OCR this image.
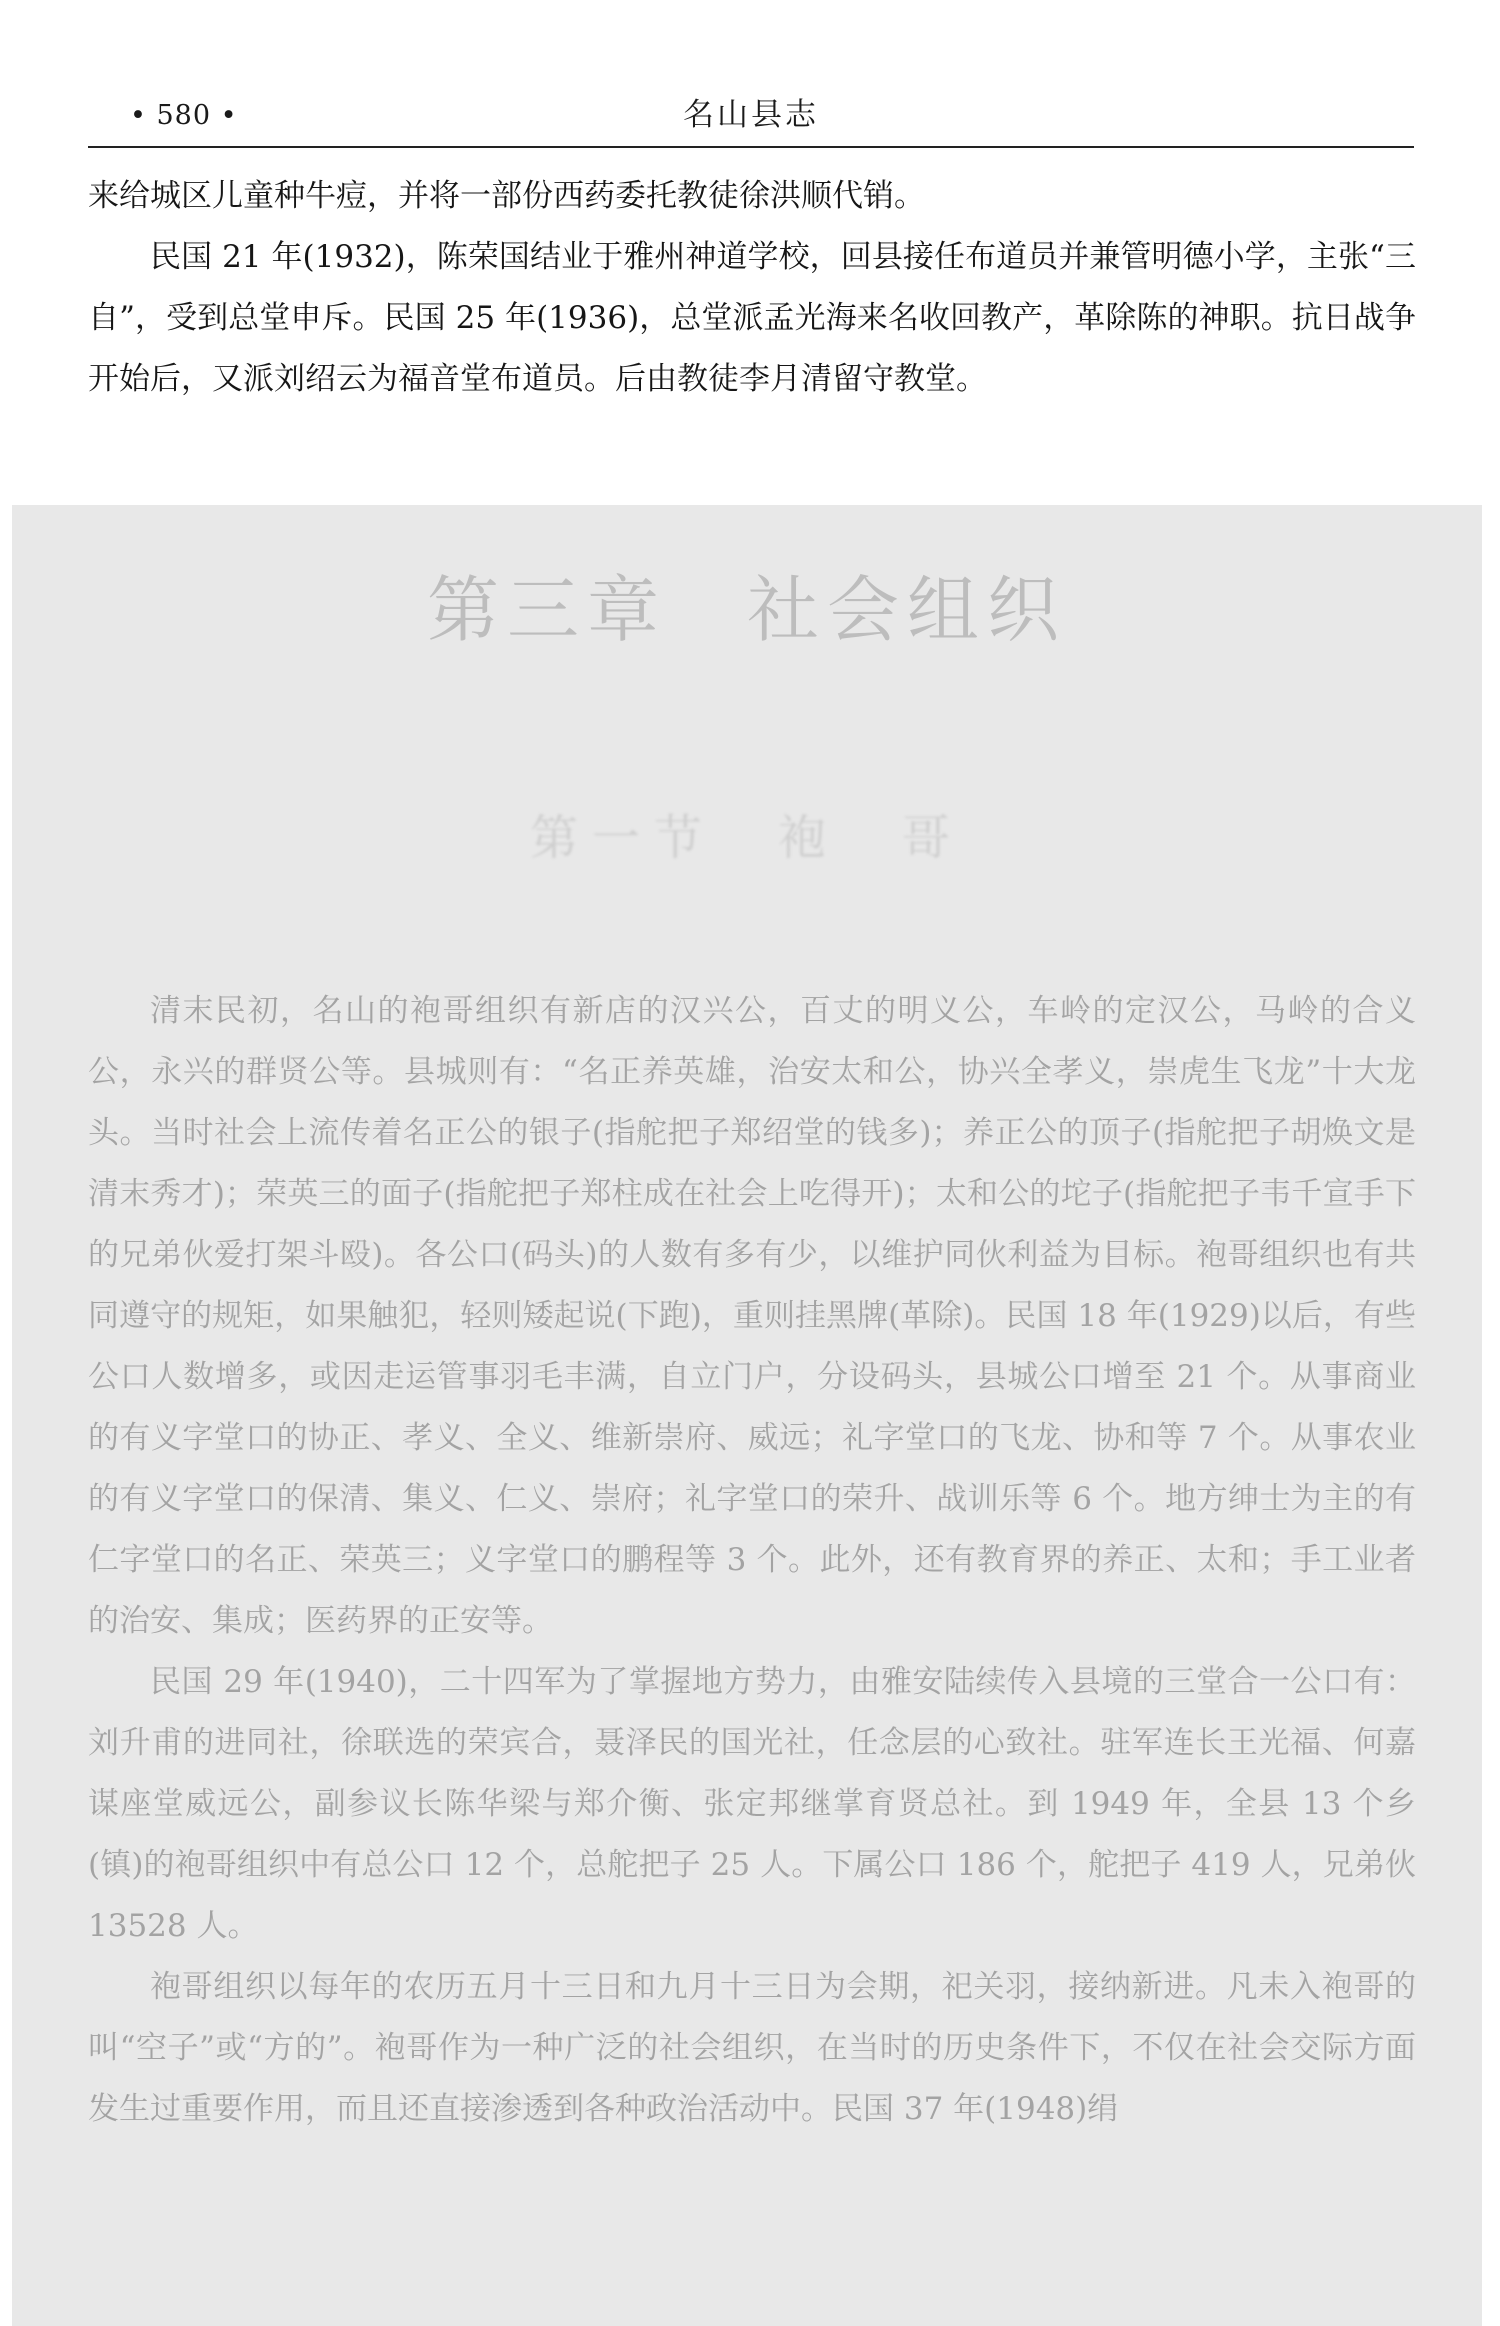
• 580 •	名山县志

来给城区儿童种牛痘，并将一部份西药委托教徒徐洪顺代销。

民国 21 年(1932)，陈荣国结业于雅州神道学校，回县接任布道员并兼管明德小学，主张“三自”，受到总堂申斥。民国 25 年(1936)，总堂派孟光海来名收回教产，革除陈的神职。抗日战争开始后，又派刘绍云为福音堂布道员。后由教徒李月清留守教堂。

第三章　社会组织
第一节　袍　哥

清末民初，名山的袍哥组织有新店的汉兴公，百丈的明义公，车岭的定汉公，马岭的合义公，永兴的群贤公等。县城则有：“名正养英雄，治安太和公，协兴全孝义，崇虎生飞龙”十大龙头。当时社会上流传着名正公的银子(指舵把子郑绍堂的钱多)；养正公的顶子(指舵把子胡焕文是清末秀才)；荣英三的面子(指舵把子郑柱成在社会上吃得开)；太和公的坨子(指舵把子韦千宣手下的兄弟伙爱打架斗殴)。各公口(码头)的人数有多有少，以维护同伙利益为目标。袍哥组织也有共同遵守的规矩，如果触犯，轻则矮起说(下跑)，重则挂黑牌(革除)。民国 18 年(1929)以后，有些公口人数增多，或因走运管事羽毛丰满，自立门户，分设码头，县城公口增至 21 个。从事商业的有义字堂口的协正、孝义、全义、维新崇府、威远；礼字堂口的飞龙、协和等 7 个。从事农业的有义字堂口的保清、集义、仁义、崇府；礼字堂口的荣升、战训乐等 6 个。地方绅士为主的有仁字堂口的名正、荣英三；义字堂口的鹏程等 3 个。此外，还有教育界的养正、太和；手工业者的治安、集成；医药界的正安等。

民国 29 年(1940)，二十四军为了掌握地方势力，由雅安陆续传入县境的三堂合一公口有：刘升甫的进同社，徐联选的荣宾合，聂泽民的国光社，任念层的心致社。驻军连长王光福、何嘉谋座堂威远公，副参议长陈华梁与郑介衡、张定邦继掌育贤总社。到 1949 年，全县 13 个乡(镇)的袍哥组织中有总公口 12 个，总舵把子 25 人。下属公口 186 个，舵把子 419 人，兄弟伙 13528 人。

袍哥组织以每年的农历五月十三日和九月十三日为会期，祀关羽，接纳新进。凡未入袍哥的叫“空子”或“方的”。袍哥作为一种广泛的社会组织，在当时的历史条件下，不仅在社会交际方面发生过重要作用，而且还直接渗透到各种政治活动中。民国 37 年(1948)绢
